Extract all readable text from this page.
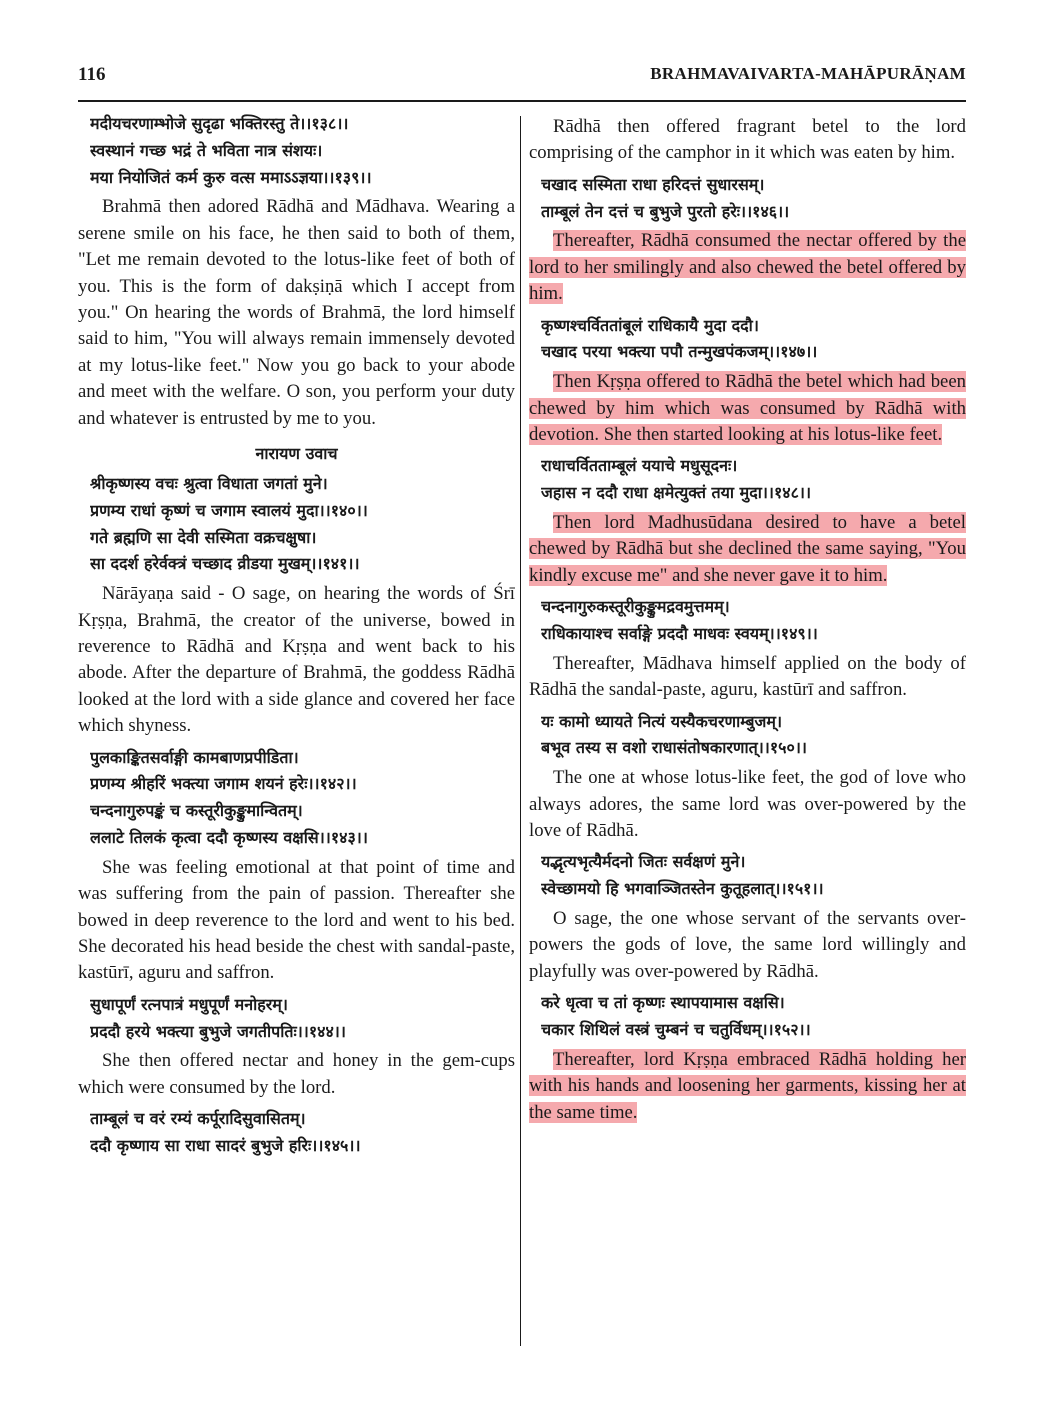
116	BRAHMAVAIVARTA-MAHĀPURĀṆAM
मदीयचरणाम्भोजे सुदृढा भक्तिरस्तु ते।।१३८।।
स्वस्थानं गच्छ भद्रं ते भविता नात्र संशयः।
मया नियोजितं कर्म कुरु वत्स ममाऽऽज्ञया।।१३९।।

Brahmā then adored Rādhā and Mādhava. Wearing a serene smile on his face, he then said to both of them, "Let me remain devoted to the lotus-like feet of both of you. This is the form of dakṣiṇā which I accept from you." On hearing the words of Brahmā, the lord himself said to him, "You will always remain immensely devoted at my lotus-like feet." Now you go back to your abode and meet with the welfare. O son, you perform your duty and whatever is entrusted by me to you.

नारायण उवाच
श्रीकृष्णस्य वचः श्रुत्वा विधाता जगतां मुने।
प्रणम्य राधां कृष्णं च जगाम स्वालयं मुदा।।१४०।।
गते ब्रह्मणि सा देवी सस्मिता वक्रचक्षुषा।
सा ददर्श हरेर्वक्त्रं चच्छाद व्रीडया मुखम्।।१४१।।

Nārāyaṇa said - O sage, on hearing the words of Śrī Kṛṣṇa, Brahmā, the creator of the universe, bowed in reverence to Rādhā and Kṛṣṇa and went back to his abode. After the departure of Brahmā, the goddess Rādhā looked at the lord with a side glance and covered her face which shyness.

पुलकाङ्कितसर्वाङ्गी कामबाणप्रपीडिता।
प्रणम्य श्रीहरिं भक्त्या जगाम शयनं हरेः।।१४२।।
चन्दनागुरुपङ्कं च कस्तूरीकुङ्कुमान्वितम्।
ललाटे तिलकं कृत्वा ददौ कृष्णस्य वक्षसि।।१४३।।

She was feeling emotional at that point of time and was suffering from the pain of passion. Thereafter she bowed in deep reverence to the lord and went to his bed. She decorated his head beside the chest with sandal-paste, kastūrī, aguru and saffron.

सुधापूर्णं रत्नपात्रं मधुपूर्णं मनोहरम्।
प्रददौ हरये भक्त्या बुभुजे जगतीपतिः।।१४४।।

She then offered nectar and honey in the gem-cups which were consumed by the lord.

ताम्बूलं च वरं रम्यं कर्पूरादिसुवासितम्।
ददौ कृष्णाय सा राधा सादरं बुभुजे हरिः।।१४५।।

Rādhā then offered fragrant betel to the lord comprising of the camphor in it which was eaten by him.

चखाद सस्मिता राधा हरिदत्तं सुधारसम्।
ताम्बूलं तेन दत्तं च बुभुजे पुरतो हरेः।।१४६।।

Thereafter, Rādhā consumed the nectar offered by the lord to her smilingly and also chewed the betel offered by him.

कृष्णश्चर्विततांबूलं राधिकायै मुदा ददौ।
चखाद परया भक्त्या पपौ तन्मुखपंकजम्।।१४७।।

Then Kṛṣṇa offered to Rādhā the betel which had been chewed by him which was consumed by Rādhā with devotion. She then started looking at his lotus-like feet.

राधाचर्वितताम्बूलं ययाचे मधुसूदनः।
जहास न ददौ राधा क्षमेत्युक्तं तया मुदा।।१४८।।

Then lord Madhusūdana desired to have a betel chewed by Rādhā but she declined the same saying, "You kindly excuse me" and she never gave it to him.

चन्दनागुरुकस्तूरीकुङ्कुमद्रवमुत्तमम्।
राधिकायाश्च सर्वाङ्गे प्रददौ माधवः स्वयम्।।१४९।।

Thereafter, Mādhava himself applied on the body of Rādhā the sandal-paste, aguru, kastūrī and saffron.

यः कामो ध्यायते नित्यं यस्यैकचरणाम्बुजम्।
बभूव तस्य स वशो राधासंतोषकारणात्।।१५०।।

The one at whose lotus-like feet, the god of love who always adores, the same lord was over-powered by the love of Rādhā.

यद्भृत्यभृत्यैर्मदनो जितः सर्वक्षणं मुने।
स्वेच्छामयो हि भगवाञ्जितस्तेन कुतूहलात्।।१५१।।

O sage, the one whose servant of the servants over-powers the gods of love, the same lord willingly and playfully was over-powered by Rādhā.

करे धृत्वा च तां कृष्णः स्थापयामास वक्षसि।
चकार शिथिलं वस्त्रं चुम्बनं च चतुर्विधम्।।१५२।।

Thereafter, lord Kṛṣṇa embraced Rādhā holding her with his hands and loosening her garments, kissing her at the same time.
